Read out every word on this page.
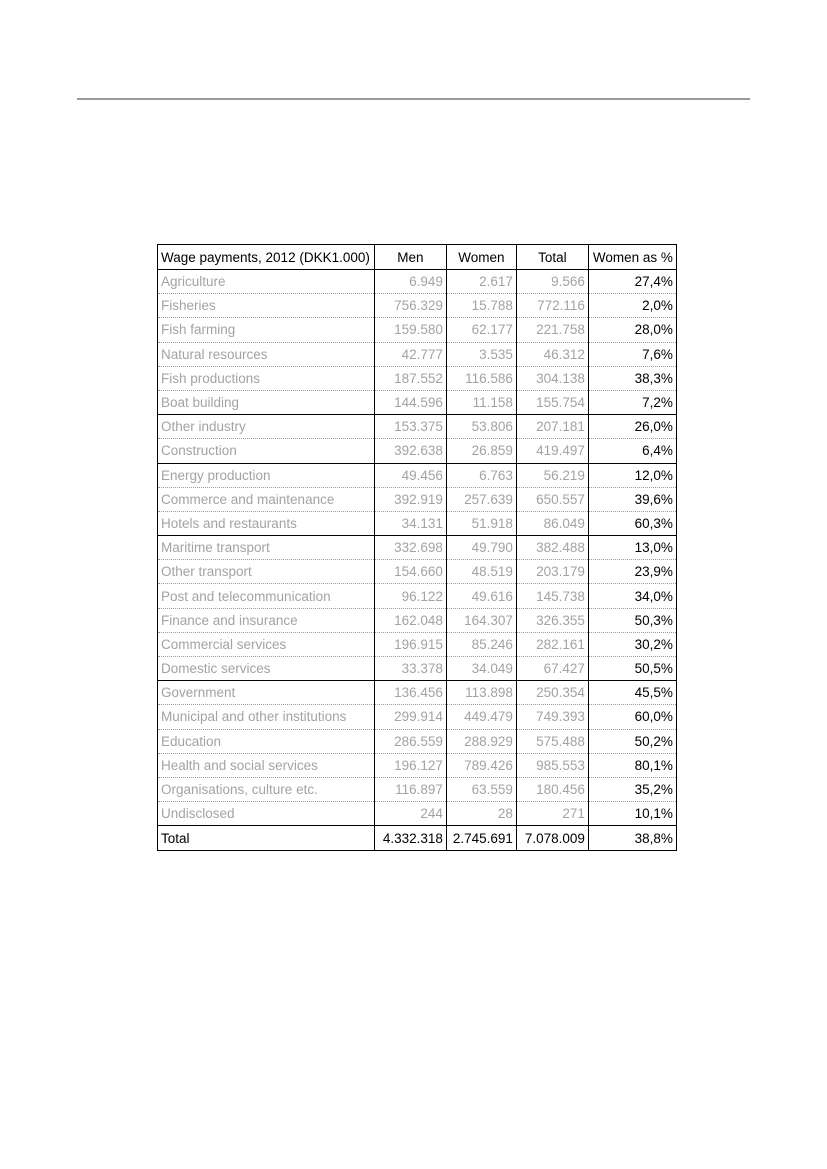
Wage payments, 2012 (DKK1.000)	Men	Women	Total	Women as %
Agriculture	6.949	2.617	9.566	27,4%
Fisheries	756.329	15.788	772.116	2,0%
Fish farming	159.580	62.177	221.758	28,0%
Natural resources	42.777	3.535	46.312	7,6%
Fish productions	187.552	116.586	304.138	38,3%
Boat building	144.596	11.158	155.754	7,2%
Other industry	153.375	53.806	207.181	26,0%
Construction	392.638	26.859	419.497	6,4%
Energy production	49.456	6.763	56.219	12,0%
Commerce and maintenance	392.919	257.639	650.557	39,6%
Hotels and restaurants	34.131	51.918	86.049	60,3%
Maritime transport	332.698	49.790	382.488	13,0%
Other transport	154.660	48.519	203.179	23,9%
Post and telecommunication	96.122	49.616	145.738	34,0%
Finance and insurance	162.048	164.307	326.355	50,3%
Commercial services	196.915	85.246	282.161	30,2%
Domestic services	33.378	34.049	67.427	50,5%
Government	136.456	113.898	250.354	45,5%
Municipal and other institutions	299.914	449.479	749.393	60,0%
Education	286.559	288.929	575.488	50,2%
Health and social services	196.127	789.426	985.553	80,1%
Organisations, culture etc.	116.897	63.559	180.456	35,2%
Undisclosed	244	28	271	10,1%
Total	4.332.318	2.745.691	7.078.009	38,8%
